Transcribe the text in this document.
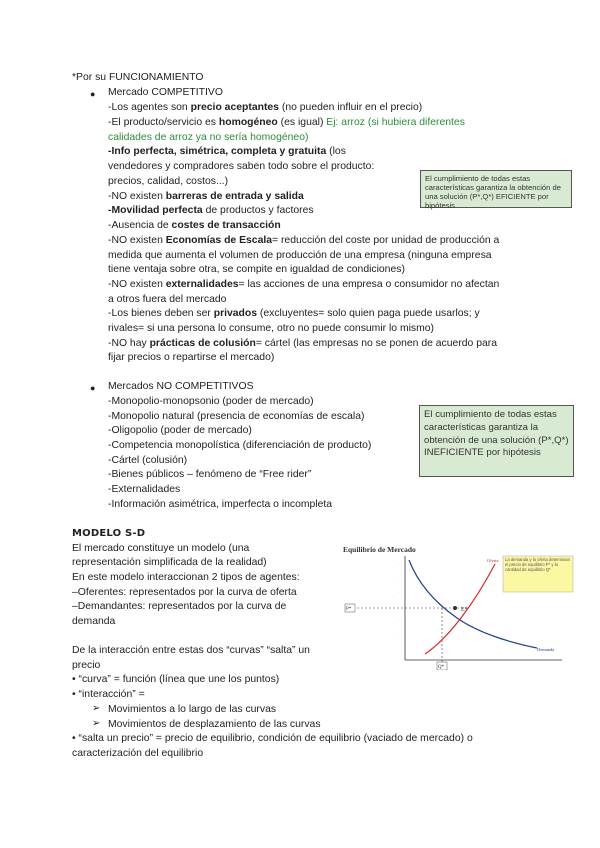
*Por su FUNCIONAMIENTO
● Mercado COMPETITIVO
-Los agentes son precio aceptantes (no pueden influir en el precio)
-El producto/servicio es homogéneo (es igual) Ej: arroz (si hubiera diferentes
calidades de arroz ya no sería homogéneo)
-Info perfecta, simétrica, completa y gratuita (los
vendedores y compradores saben todo sobre el producto:
precios, calidad, costos...)
-NO existen barreras de entrada y salida
-Movilidad perfecta de productos y factores
-Ausencia de costes de transacción
-NO existen Economías de Escala= reducción del coste por unidad de producción a
medida que aumenta el volumen de producción de una empresa (ninguna empresa
tiene ventaja sobre otra, se compite en igualdad de condiciones)
-NO existen externalidades= las acciones de una empresa o consumidor no afectan
a otros fuera del mercado
-Los bienes deben ser privados (excluyentes= solo quien paga puede usarlos; y
rivales= si una persona lo consume, otro no puede consumir lo mismo)
-NO hay prácticas de colusión= cártel (las empresas no se ponen de acuerdo para
fijar precios o repartirse el mercado)
El cumplimiento de todas estas características garantiza la obtención de una solución (P*,Q*) EFICIENTE por hipótesis
● Mercados NO COMPETITIVOS
-Monopolio-monopsonio (poder de mercado)
-Monopolio natural (presencia de economías de escala)
-Oligopolio (poder de mercado)
-Competencia monopolística (diferenciación de producto)
-Cártel (colusión)
-Bienes públicos – fenómeno de “Free rider”
-Externalidades
-Información asimétrica, imperfecta o incompleta
El cumplimiento de todas estas características garantiza la obtención de una solución (P*,Q*) INEFICIENTE por hipótesis
MODELO S-D
El mercado constituye un modelo (una
representación simplificada de la realidad)
En este modelo interaccionan 2 tipos de agentes:
–Oferentes: representados por la curva de oferta
–Demandantes: representados por la curva de
demanda
De la interacción entre estas dos “curvas” “salta” un
precio
• “curva” = función (línea que une los puntos)
• “interacción” =
➢ Movimientos a lo largo de las curvas
➢ Movimientos de desplazamiento de las curvas
• “salta un precio” = precio de equilibrio, condición de equilibrio (vaciado de mercado) o
caracterización del equilibrio
Equilibrio de Mercado
·
·
·
·
·
E*
P*
Q*
Demanda
Oferta La demanda y la oferta determinan el precio de equilibrio P* y la cantidad de equilibrio Q*
